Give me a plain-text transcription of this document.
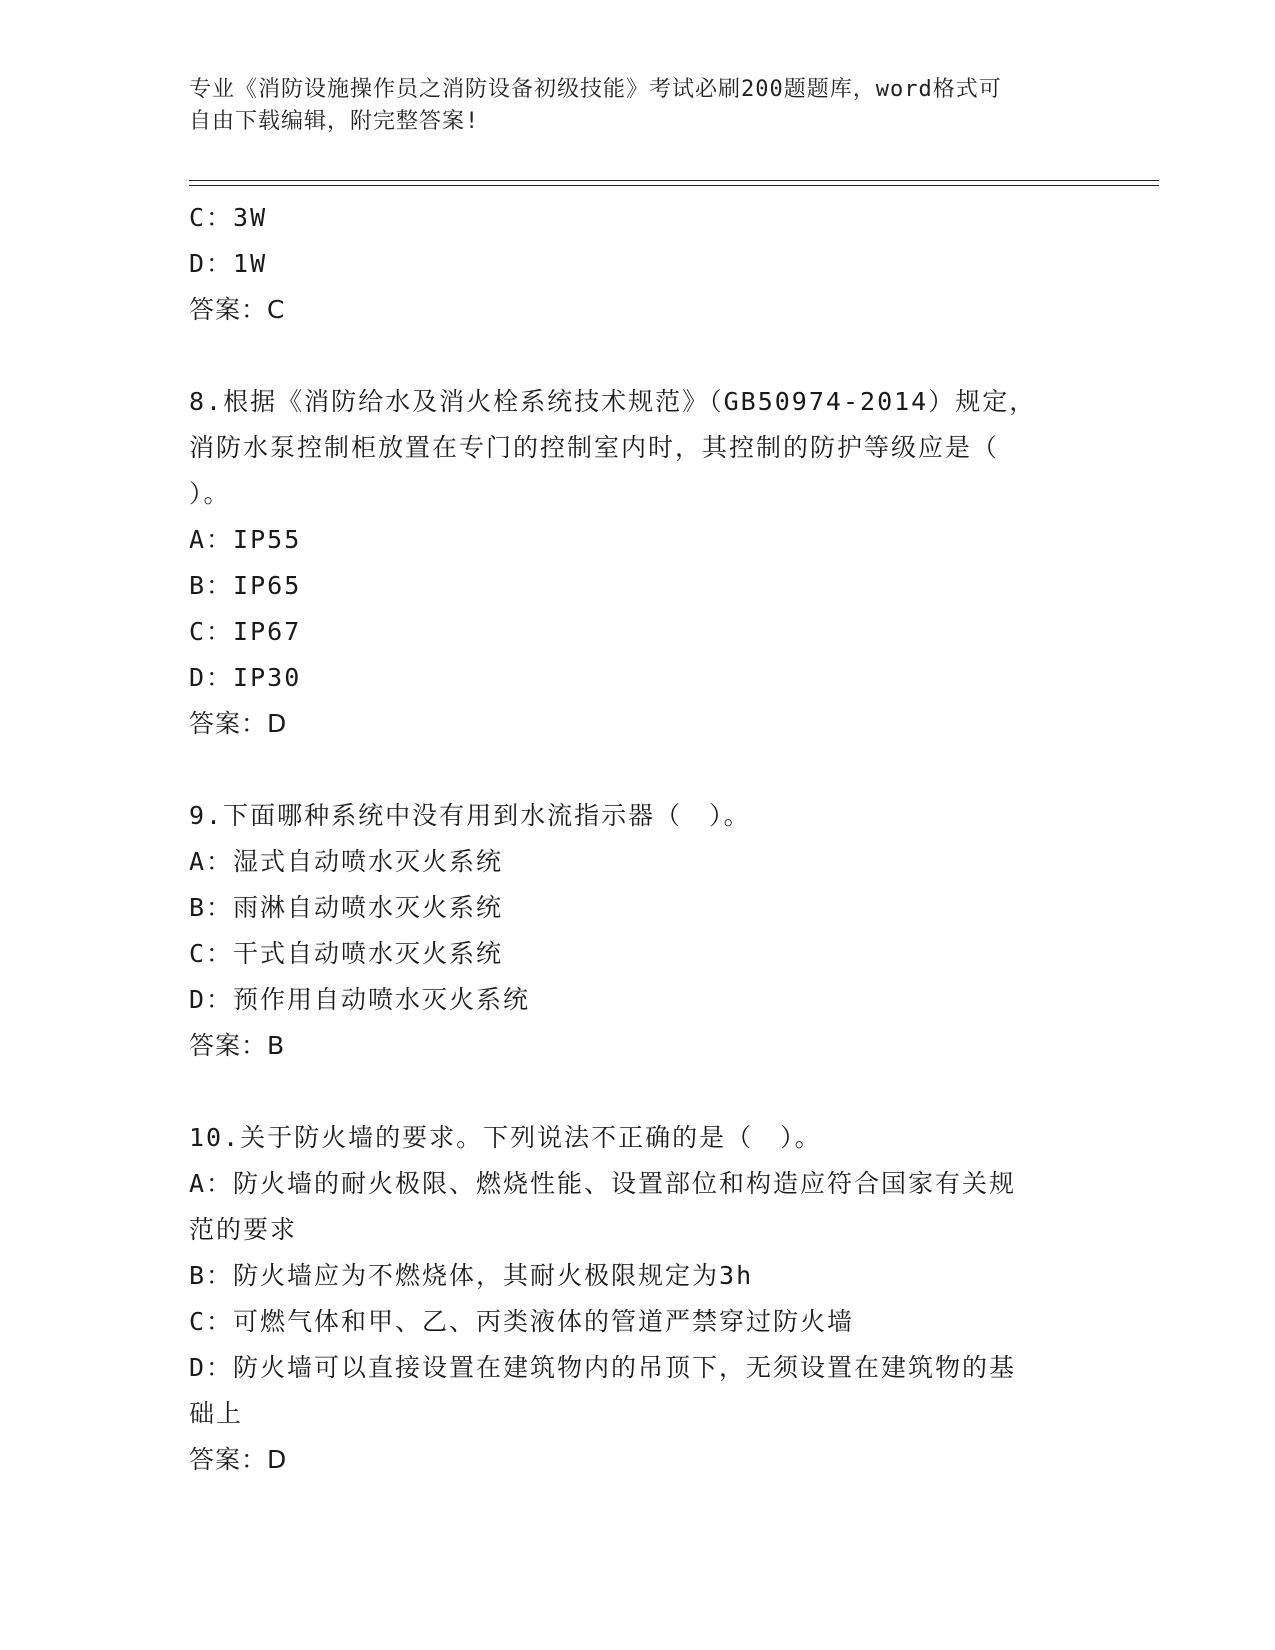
专业《消防设施操作员之消防设备初级技能》考试必刷200题题库，word格式可
自由下载编辑，附完整答案!
C：3W
D：1W
答案：C
8.根据《消防给水及消火栓系统技术规范》（GB50974-2014）规定，
消防水泵控制柜放置在专门的控制室内时，其控制的防护等级应是（
）。
A：IP55
B：IP65
C：IP67
D：IP30
答案：D
9.下面哪种系统中没有用到水流指示器（　）。
A：湿式自动喷水灭火系统
B：雨淋自动喷水灭火系统
C：干式自动喷水灭火系统
D：预作用自动喷水灭火系统
答案：B
10.关于防火墙的要求。下列说法不正确的是（　）。
A：防火墙的耐火极限、燃烧性能、设置部位和构造应符合国家有关规
范的要求
B：防火墙应为不燃烧体，其耐火极限规定为3h
C：可燃气体和甲、乙、丙类液体的管道严禁穿过防火墙
D：防火墙可以直接设置在建筑物内的吊顶下，无须设置在建筑物的基
础上
答案：D
